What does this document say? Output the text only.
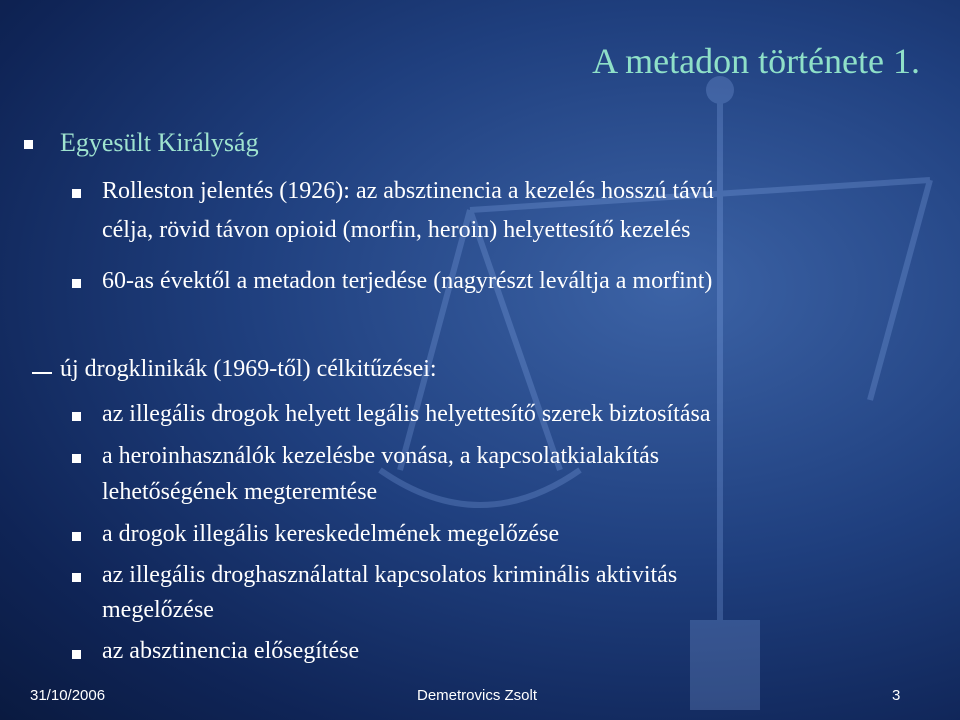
A metadon története 1.
Egyesült Királyság
Rolleston jelentés (1926): az absztinencia a kezelés hosszú távú
célja, rövid távon opioid (morfin, heroin) helyettesítő kezelés
60‑as évektől a metadon terjedése (nagyrészt leváltja a morfint)
új drogklinikák (1969‑től) célkitűzései:
az illegális drogok helyett legális helyettesítő szerek biztosítása
a heroinhasználók kezelésbe vonása, a kapcsolatkialakítás
lehetőségének megteremtése
a drogok illegális kereskedelmének megelőzése
az illegális droghasználattal kapcsolatos kriminális aktivitás
megelőzése
az absztinencia elősegítése
31/10/2006	Demetrovics Zsolt	3
